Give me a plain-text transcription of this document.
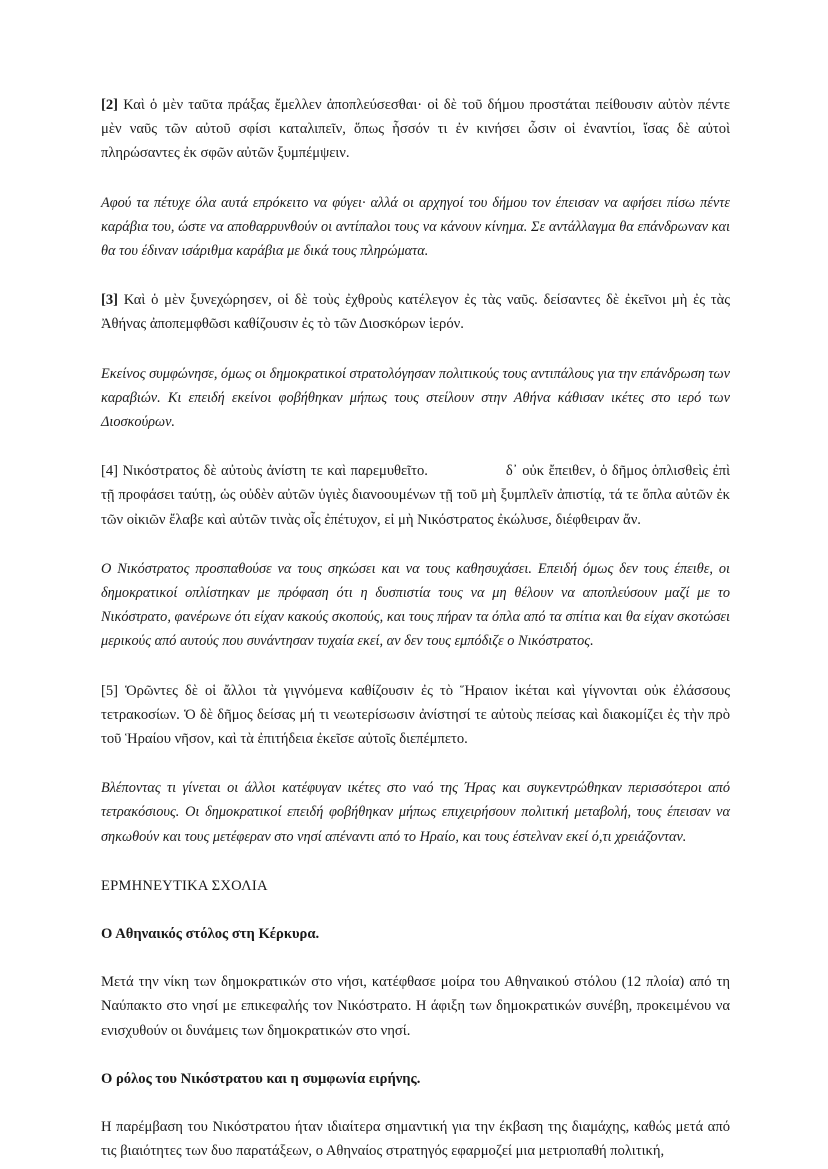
[2] Καὶ ὁ μὲν ταῦτα πράξας ἔμελλεν ἀποπλεύσεσθαι· οἱ δὲ τοῦ δήμου προστάται πείθουσιν αὐτὸν πέντε μὲν ναῦς τῶν αὐτοῦ σφίσι καταλιπεῖν, ὅπως ἧσσόν τι ἐν κινήσει ὦσιν οἱ ἐναντίοι, ἴσας δὲ αὐτοὶ πληρώσαντες ἐκ σφῶν αὐτῶν ξυμπέμψειν.

Αφού τα πέτυχε όλα αυτά επρόκειτο να φύγει· αλλά οι αρχηγοί του δήμου τον έπεισαν να αφήσει πίσω πέντε καράβια του, ώστε να αποθαρρυνθούν οι αντίπαλοι τους να κάνουν κίνημα. Σε αντάλλαγμα θα επάνδρωναν και θα του έδιναν ισάριθμα καράβια με δικά τους πληρώματα.

[3] Καὶ ὁ μὲν ξυνεχώρησεν, οἱ δὲ τοὺς ἐχθροὺς κατέλεγον ἐς τὰς ναῦς. δείσαντες δὲ ἐκεῖνοι μὴ ἐς τὰς Ἀθήνας ἀποπεμφθῶσι καθίζουσιν ἐς τὸ τῶν Διοσκόρων ἱερόν.

Εκείνος συμφώνησε, όμως οι δημοκρατικοί στρατολόγησαν πολιτικούς τους αντιπάλους για την επάνδρωση των καραβιών. Κι επειδή εκείνοι φοβήθηκαν μήπως τους στείλουν στην Αθήνα κάθισαν ικέτες στο ιερό των Διοσκούρων.

[4] Νικόστρατος δὲ αὐτοὺς ἀνίστη τε καὶ παρεμυθεῖτο.	δ᾽ οὐκ ἔπειθεν, ὁ δῆμος ὁπλισθεὶς ἐπὶ τῇ προφάσει ταύτῃ, ὡς οὐδὲν αὐτῶν ὑγιὲς διανοουμένων τῇ τοῦ μὴ ξυμπλεῖν ἀπιστίᾳ, τά τε ὅπλα αὐτῶν ἐκ τῶν οἰκιῶν ἔλαβε καὶ αὐτῶν τινὰς οἷς ἐπέτυχον, εἰ μὴ Νικόστρατος ἐκώλυσε, διέφθειραν ἄν.

Ο Νικόστρατος προσπαθούσε να τους σηκώσει και να τους καθησυχάσει. Επειδή όμως δεν τους έπειθε, οι δημοκρατικοί οπλίστηκαν με πρόφαση ότι η δυσπιστία τους να μη θέλουν να αποπλεύσουν μαζί με το Νικόστρατο, φανέρωνε ότι είχαν κακούς σκοπούς, και τους πήραν τα όπλα από τα σπίτια και θα είχαν σκοτώσει μερικούς από αυτούς που συνάντησαν τυχαία εκεί, αν δεν τους εμπόδιζε ο Νικόστρατος.

[5] Ὁρῶντες δὲ οἱ ἄλλοι τὰ γιγνόμενα καθίζουσιν ἐς τὸ Ἥραιον ἱκέται καὶ γίγνονται οὐκ ἐλάσσους τετρακοσίων. Ὁ δὲ δῆμος δείσας μή τι νεωτερίσωσιν ἀνίστησί τε αὐτοὺς πείσας καὶ διακομίζει ἐς τὴν πρὸ τοῦ Ἡραίου νῆσον, καὶ τὰ ἐπιτήδεια ἐκεῖσε αὐτοῖς διεπέμπετο.

Βλέποντας τι γίνεται οι άλλοι κατέφυγαν ικέτες στο ναό της Ήρας και συγκεντρώθηκαν περισσότεροι από τετρακόσιους. Οι δημοκρατικοί επειδή φοβήθηκαν μήπως επιχειρήσουν πολιτική μεταβολή, τους έπεισαν να σηκωθούν και τους μετέφεραν στο νησί απέναντι από το Ηραίο, και τους έστελναν εκεί ό,τι χρειάζονταν.

ΕΡΜΗΝΕΥΤΙΚΑ ΣΧΟΛΙΑ

Ο Αθηναικός στόλος στη Κέρκυρα.

Μετά την νίκη των δημοκρατικών στο νήσι, κατέφθασε μοίρα του Αθηναικού στόλου (12 πλοία) από τη Ναύπακτο στο νησί με επικεφαλής τον Νικόστρατο. Η άφιξη των δημοκρατικών συνέβη, προκειμένου να ενισχυθούν οι δυνάμεις των δημοκρατικών στο νησί.

Ο ρόλος του Νικόστρατου και η συμφωνία ειρήνης.

Η παρέμβαση του Νικόστρατου ήταν ιδιαίτερα σημαντική για την έκβαση της διαμάχης, καθώς μετά από τις βιαιότητες των δυο παρατάξεων, ο Αθηναίος στρατηγός εφαρμοζεί μια μετριοπαθή πολιτική,
